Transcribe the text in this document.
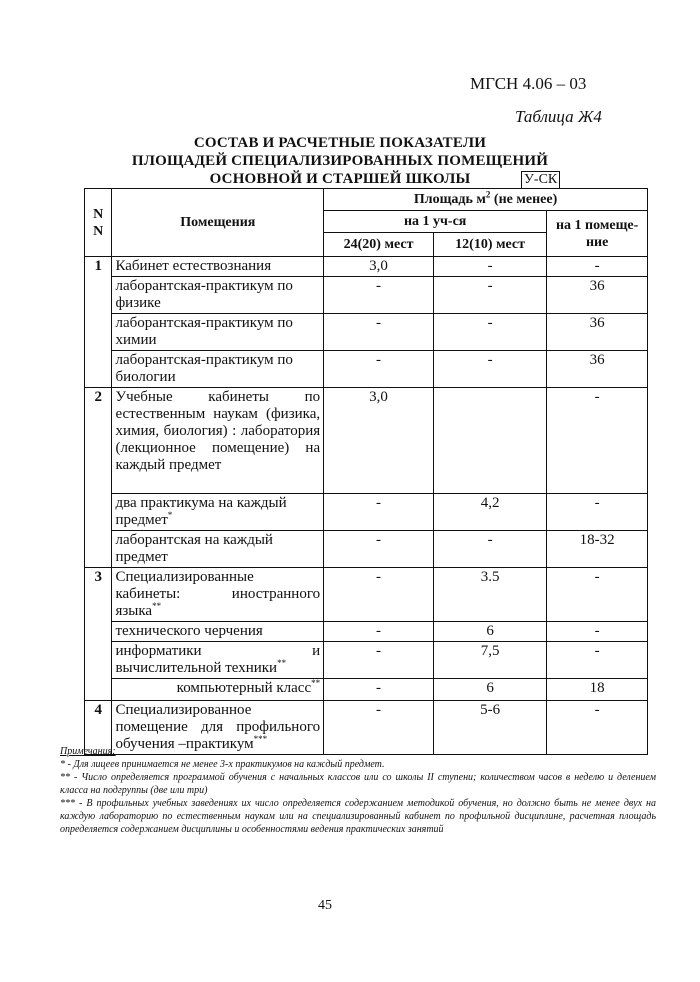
МГСН 4.06 – 03
Таблица Ж4
СОСТАВ И РАСЧЕТНЫЕ ПОКАЗАТЕЛИ
ПЛОЩАДЕЙ СПЕЦИАЛИЗИРОВАННЫХ ПОМЕЩЕНИЙ
ОСНОВНОЙ И СТАРШЕЙ ШКОЛЫ	У-СК
N N	Помещения	Площадь $м^2$ (не менее)		
		на 1 уч-ся		на 1 помеще-ние
		24(20) мест	12(10) мест	
1	Кабинет естествознания	3,0	-	-
	лаборантская-практикум по физике	-	-	36
	лаборантская-практикум по химии	-	-	36
	лаборантская-практикум по биологии	-	-	36
2	Учебные кабинеты по естественным наукам (физика, химия, биология) : лаборатория (лекционное помещение) на каждый предмет	3,0		-
	два практикума на каждый предмет*	-	4,2	-
	лаборантская на каждый предмет	-	-	18-32
3	Специализированные кабинеты: иностранного языка**	-	3.5	-
	технического черчения	-	6	-
	информатики и вычислительной техники**	-	7,5	-
	компьютерный класс**	-	6	18
4	Специализированное помещение для профильного обучения –практикум***	-	5-6	-
Примечания:

* - Для лицеев принимается не менее 3-х практикумов на каждый предмет.

** - Число определяется программой обучения с начальных классов или со школы II ступени; количеством часов в неделю и делением класса на подгруппы (две или три)

*** - В профильных учебных заведениях их число определяется содержанием методикой обучения, но должно быть не менее двух на каждую лабораторию по естественным наукам или на специализированный кабинет по профильной дисциплине, расчетная площадь определяется содержанием дисциплины и особенностями ведения практических занятий

45
